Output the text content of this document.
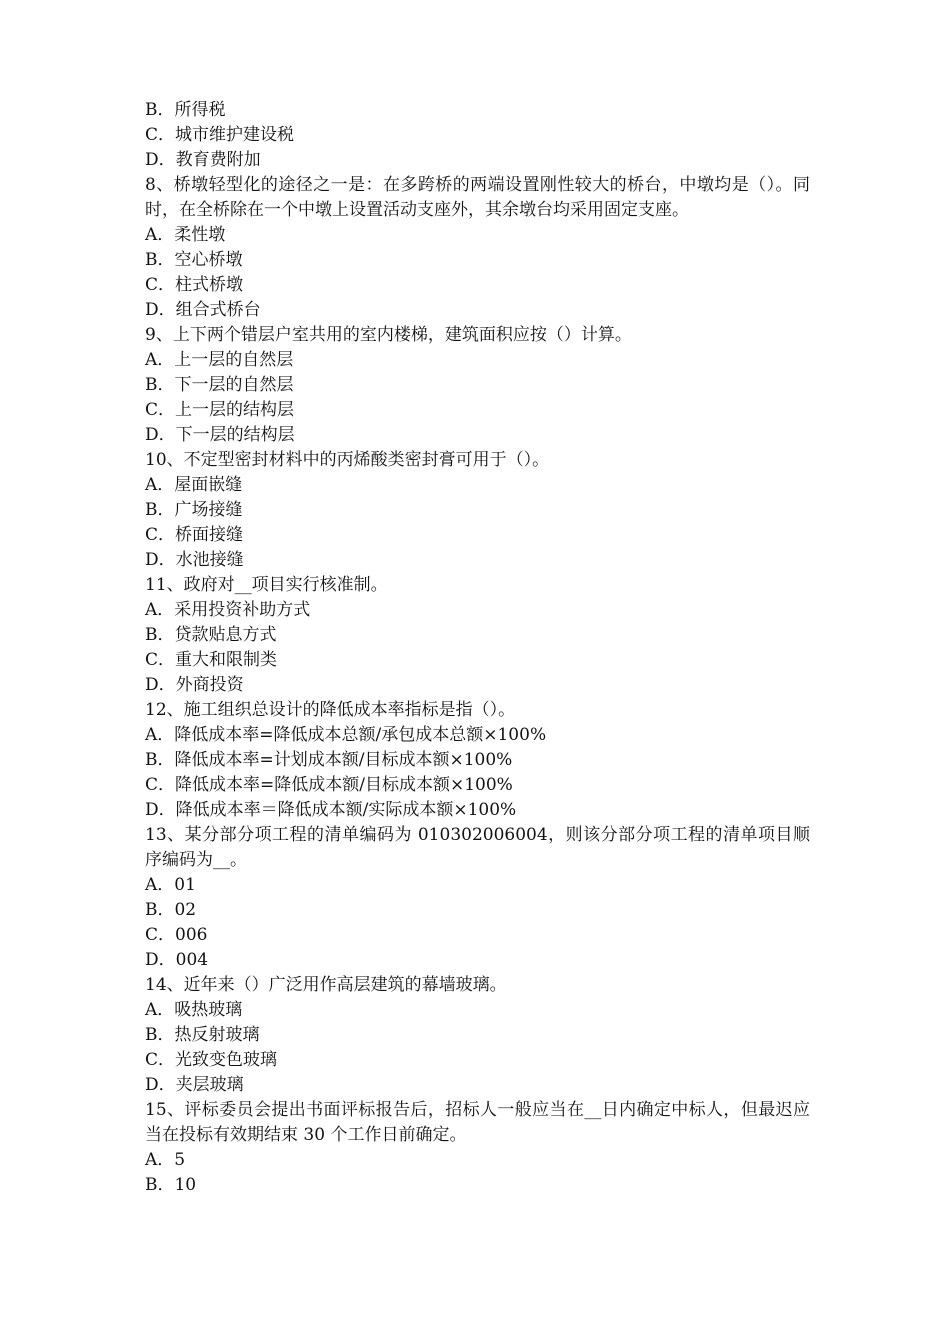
B．所得税

C．城市维护建设税

D．教育费附加

8、桥墩轻型化的途径之一是：在多跨桥的两端设置刚性较大的桥台，中墩均是（）。同时，在全桥除在一个中墩上设置活动支座外，其余墩台均采用固定支座。

A．柔性墩

B．空心桥墩

C．柱式桥墩

D．组合式桥台

9、上下两个错层户室共用的室内楼梯，建筑面积应按（）计算。

A．上一层的自然层

B．下一层的自然层

C．上一层的结构层

D．下一层的结构层

10、不定型密封材料中的丙烯酸类密封膏可用于（）。

A．屋面嵌缝

B．广场接缝

C．桥面接缝

D．水池接缝

11、政府对__项目实行核准制。

A．采用投资补助方式

B．贷款贴息方式

C．重大和限制类

D．外商投资

12、施工组织总设计的降低成本率指标是指（）。

A．降低成本率=降低成本总额/承包成本总额×100%

B．降低成本率=计划成本额/目标成本额×100%

C．降低成本率=降低成本额/目标成本额×100%

D．降低成本率＝降低成本额/实际成本额×100%

13、某分部分项工程的清单编码为 010302006004，则该分部分项工程的清单项目顺序编码为__。

A．01

B．02

C．006

D．004

14、近年来（）广泛用作高层建筑的幕墙玻璃。

A．吸热玻璃

B．热反射玻璃

C．光致变色玻璃

D．夹层玻璃

15、评标委员会提出书面评标报告后，招标人一般应当在__日内确定中标人，但最迟应当在投标有效期结束 30 个工作日前确定。

A．5

B．10
